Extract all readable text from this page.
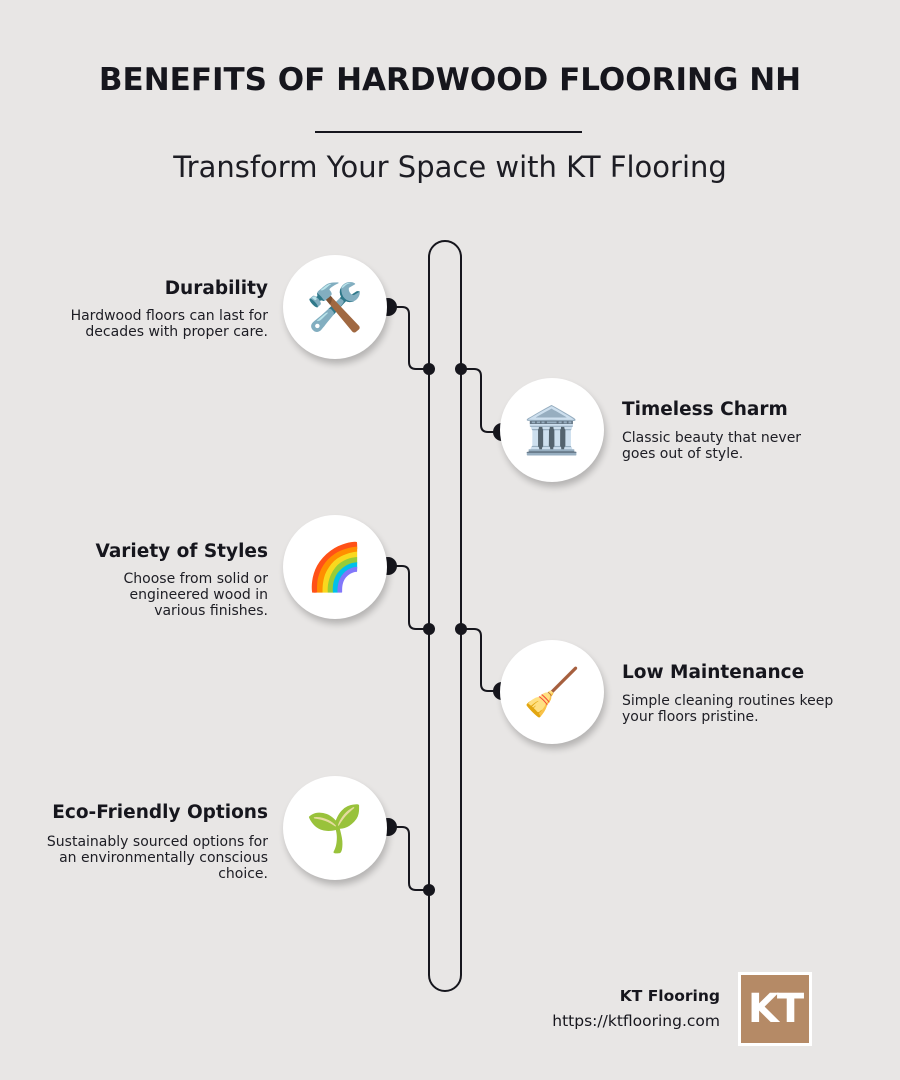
BENEFITS OF HARDWOOD FLOORING NH
Transform Your Space with KT Flooring
🛠️
Durability
Hardwood floors can last for decades with proper care.
🏛️	Timeless Charm
Classic beauty that never goes out of style.
🌈
Variety of Styles
Choose from solid or engineered wood in various finishes.
🧹	Low Maintenance
Simple cleaning routines keep your floors pristine.
🌱
Eco-Friendly Options
Sustainably sourced options for an environmentally conscious choice.
KT Flooring
https://ktflooring.com KT
